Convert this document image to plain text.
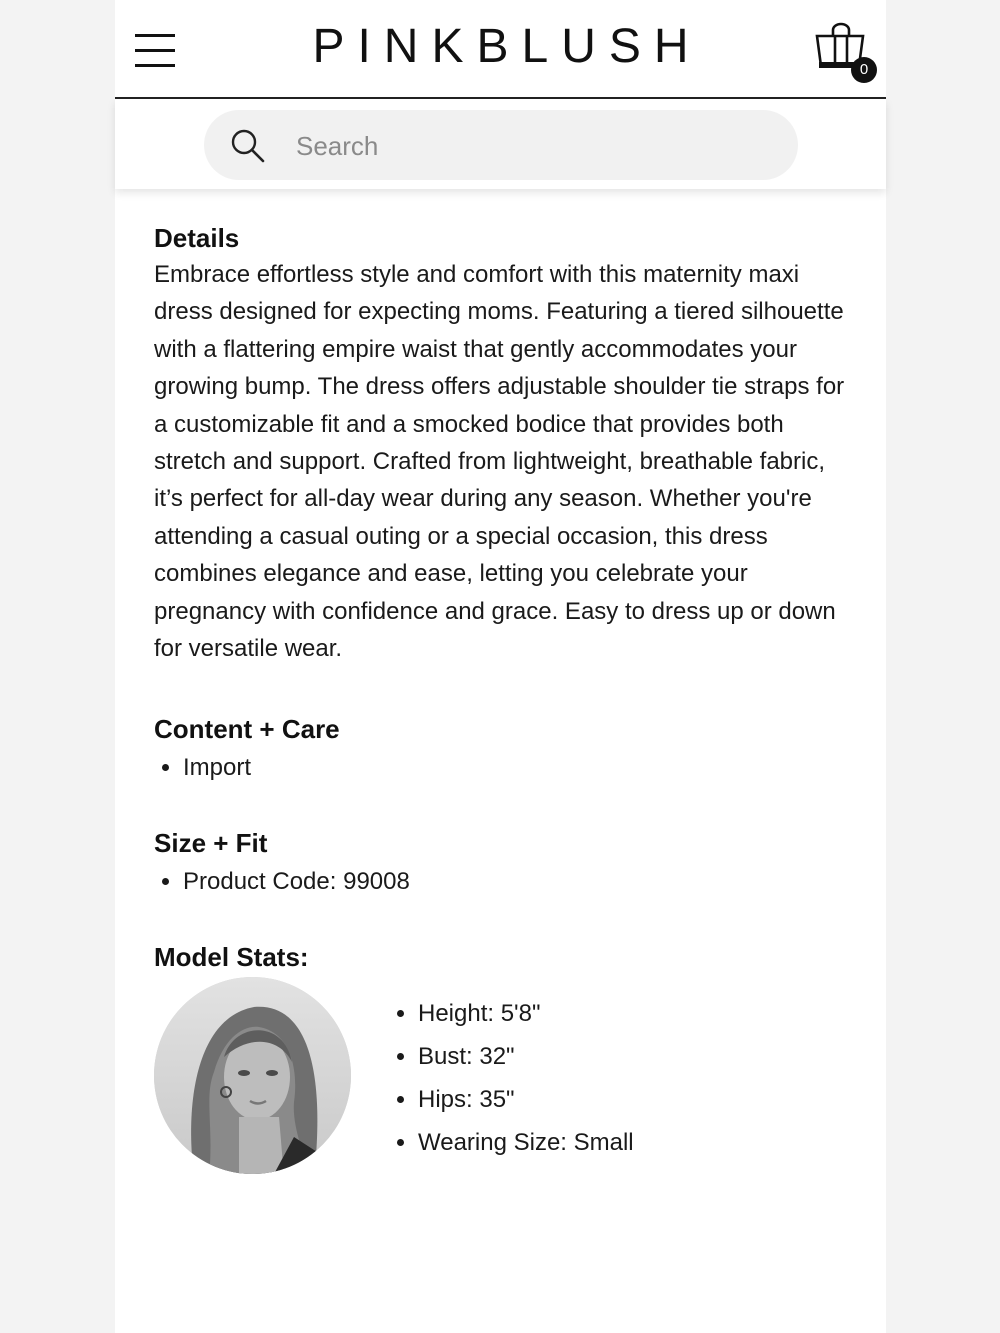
PINKBLUSH	0
Search
Details

Embrace effortless style and comfort with this maternity maxi dress designed for expecting moms. Featuring a tiered silhouette with a flattering empire waist that gently accommodates your growing bump. The dress offers adjustable shoulder tie straps for a customizable fit and a smocked bodice that provides both stretch and support. Crafted from lightweight, breathable fabric, it’s perfect for all-day wear during any season. Whether you're attending a casual outing or a special occasion, this dress combines elegance and ease, letting you celebrate your pregnancy with confidence and grace. Easy to dress up or down for versatile wear.

Content + Care
• Import
Size + Fit
• Product Code: 99008
Model Stats:
• Height: 5'8"
• Bust: 32"
• Hips: 35"
• Wearing Size: Small
